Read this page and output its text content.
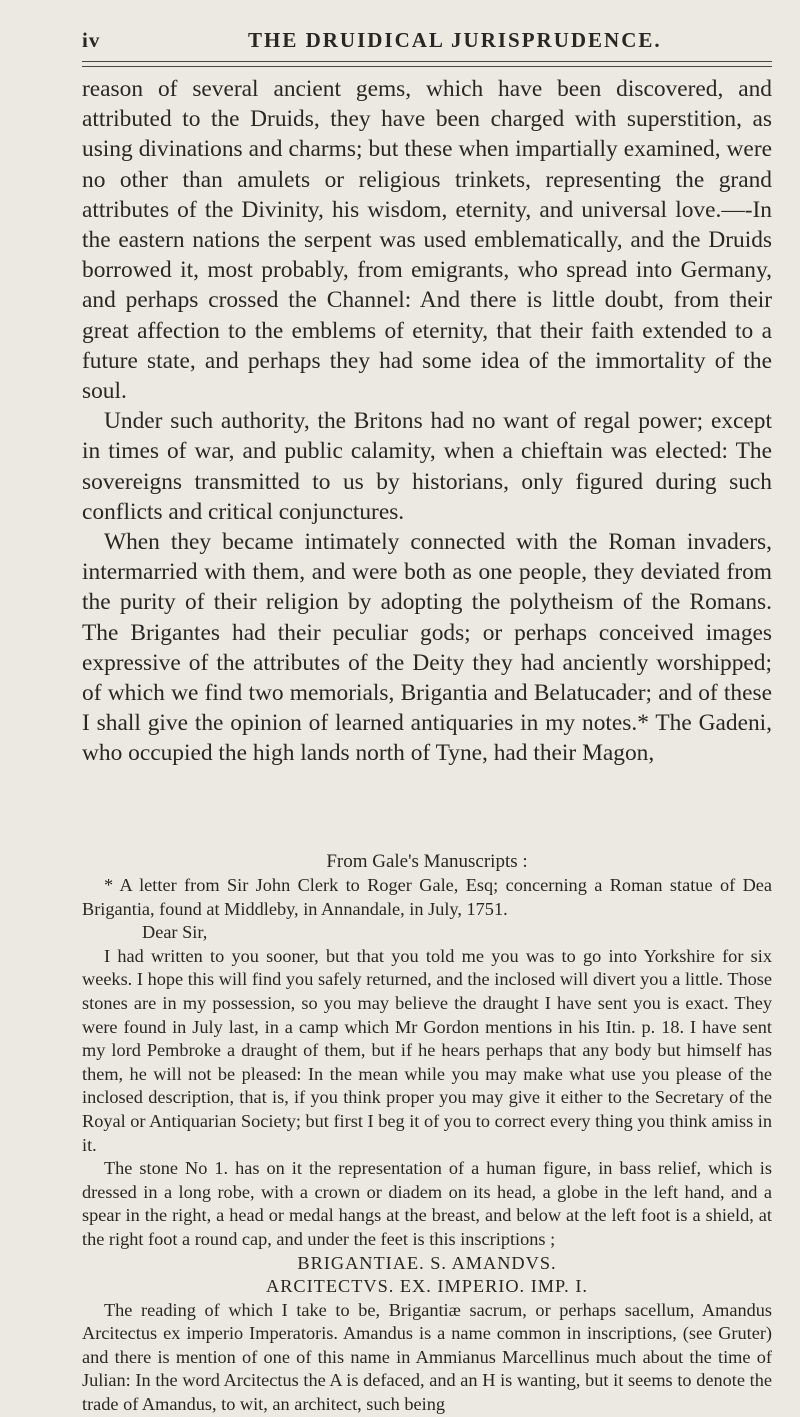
iv	THE DRUIDICAL JURISPRUDENCE.

reason of several ancient gems, which have been discovered, and attributed to the Druids, they have been charged with superstition, as using divinations and charms; but these when impartially examined, were no other than amulets or religious trinkets, representing the grand attributes of the Divinity, his wisdom, eternity, and universal love.—-In the eastern nations the serpent was used emblematically, and the Druids borrowed it, most probably, from emigrants, who spread into Germany, and perhaps crossed the Channel: And there is little doubt, from their great affection to the emblems of eternity, that their faith extended to a future state, and perhaps they had some idea of the immortality of the soul.

Under such authority, the Britons had no want of regal power; except in times of war, and public calamity, when a chieftain was elected: The sovereigns transmitted to us by historians, only figured during such conflicts and critical conjunctures.

When they became intimately connected with the Roman invaders, intermarried with them, and were both as one people, they deviated from the purity of their religion by adopting the polytheism of the Romans. The Brigantes had their peculiar gods; or perhaps conceived images expressive of the attributes of the Deity they had anciently worshipped; of which we find two memorials, Brigantia and Belatucader; and of these I shall give the opinion of learned antiquaries in my notes.* The Gadeni, who occupied the high lands north of Tyne, had their Magon,

From Gale's Manuscripts :

* A letter from Sir John Clerk to Roger Gale, Esq; concerning a Roman statue of Dea Brigantia, found at Middleby, in Annandale, in July, 1751.

Dear Sir,

I had written to you sooner, but that you told me you was to go into Yorkshire for six weeks. I hope this will find you safely returned, and the inclosed will divert you a little. Those stones are in my possession, so you may believe the draught I have sent you is exact. They were found in July last, in a camp which Mr Gordon mentions in his Itin. p. 18. I have sent my lord Pembroke a draught of them, but if he hears perhaps that any body but himself has them, he will not be pleased: In the mean while you may make what use you please of the inclosed description, that is, if you think proper you may give it either to the Secretary of the Royal or Antiquarian Society; but first I beg it of you to correct every thing you think amiss in it.

The stone No 1. has on it the representation of a human figure, in bass relief, which is dressed in a long robe, with a crown or diadem on its head, a globe in the left hand, and a spear in the right, a head or medal hangs at the breast, and below at the left foot is a shield, at the right foot a round cap, and under the feet is this inscriptions ;

BRIGANTIAE. S. AMANDVS.

ARCITECTVS. EX. IMPERIO. IMP. I.

The reading of which I take to be, Brigantiæ sacrum, or perhaps sacellum, Amandus Arcitectus ex imperio Imperatoris. Amandus is a name common in inscriptions, (see Gruter) and there is mention of one of this name in Ammianus Marcellinus much about the time of Julian: In the word Arcitectus the A is defaced, and an H is wanting, but it seems to denote the trade of Amandus, to wit, an architect, such being
